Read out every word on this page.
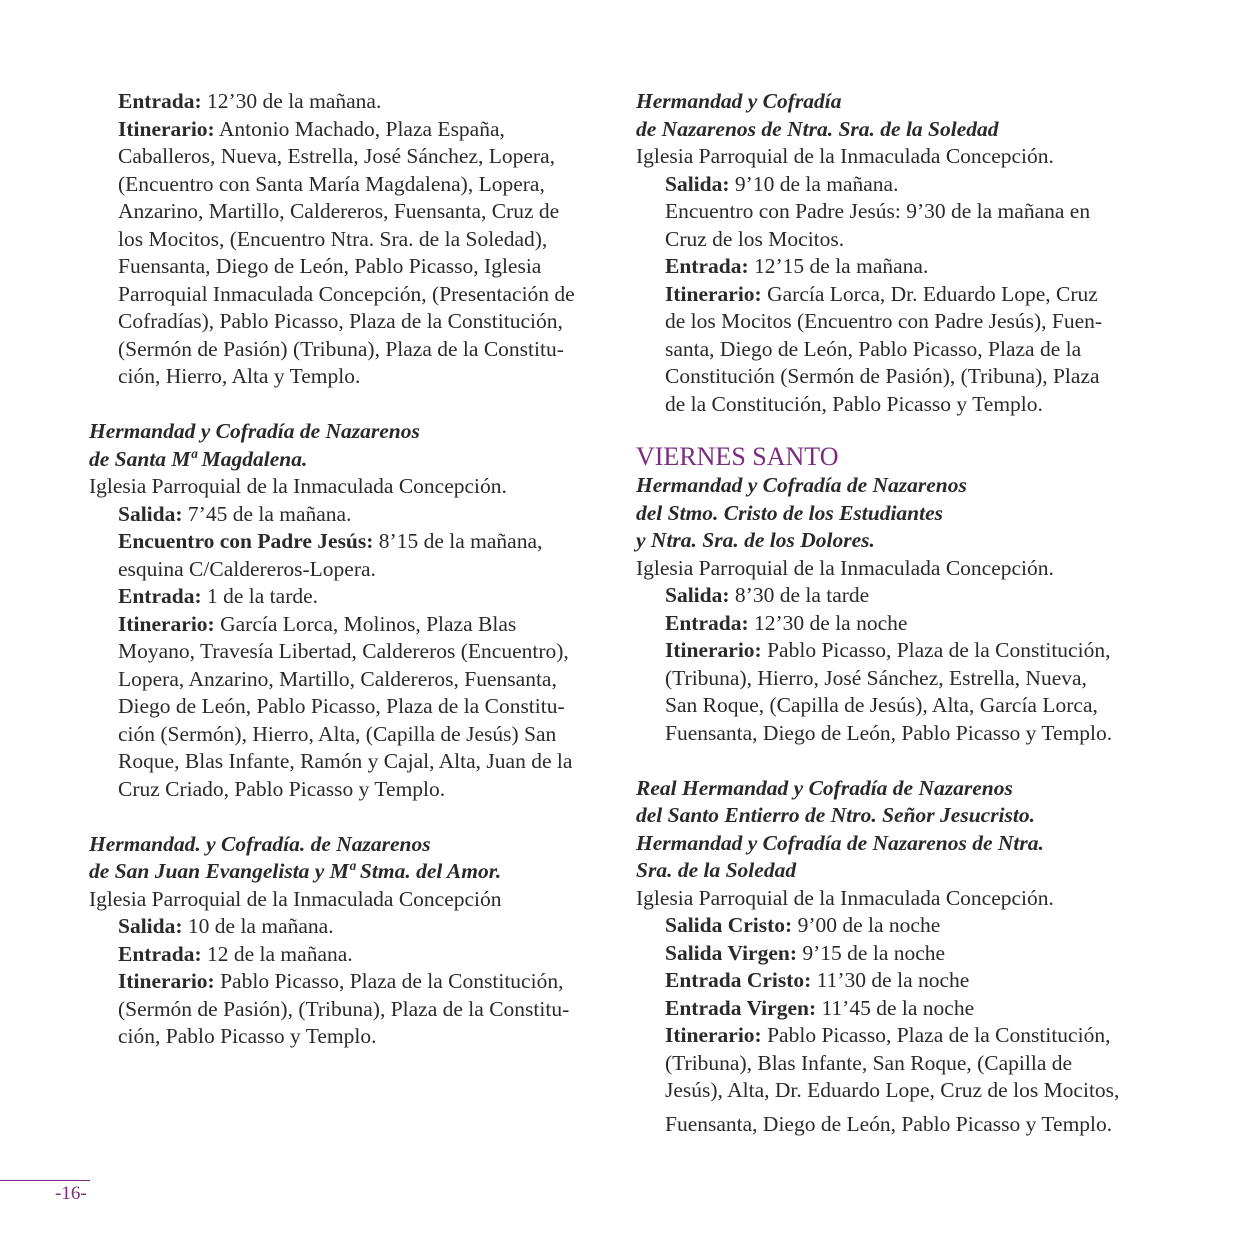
Entrada: 12’30 de la mañana.
Itinerario: Antonio Machado, Plaza España,
Caballeros, Nueva, Estrella, José Sánchez, Lopera,
(Encuentro con Santa María Magdalena), Lopera,
Anzarino, Martillo, Caldereros, Fuensanta, Cruz de
los Mocitos, (Encuentro Ntra. Sra. de la Soledad),
Fuensanta, Diego de León, Pablo Picasso, Iglesia
Parroquial Inmaculada Concepción, (Presentación de
Cofradías), Pablo Picasso, Plaza de la Constitución,
(Sermón de Pasión) (Tribuna), Plaza de la Constitu-
ción, Hierro, Alta y Templo.
Hermandad y Cofradía de Nazarenos
de Santa Mª Magdalena.
Iglesia Parroquial de la Inmaculada Concepción.
Salida: 7’45 de la mañana.
Encuentro con Padre Jesús: 8’15 de la mañana,
esquina C/Caldereros-Lopera.
Entrada: 1 de la tarde.
Itinerario: García Lorca, Molinos, Plaza Blas
Moyano, Travesía Libertad, Caldereros (Encuentro),
Lopera, Anzarino, Martillo, Caldereros, Fuensanta,
Diego de León, Pablo Picasso, Plaza de la Constitu-
ción (Sermón), Hierro, Alta, (Capilla de Jesús) San
Roque, Blas Infante, Ramón y Cajal, Alta, Juan de la
Cruz Criado, Pablo Picasso y Templo.
Hermandad. y Cofradía. de Nazarenos
de San Juan Evangelista y Mª Stma. del Amor.
Iglesia Parroquial de la Inmaculada Concepción
Salida: 10 de la mañana.
Entrada: 12 de la mañana.
Itinerario: Pablo Picasso, Plaza de la Constitución,
(Sermón de Pasión), (Tribuna), Plaza de la Constitu-
ción, Pablo Picasso y Templo.
Hermandad y Cofradía
de Nazarenos de Ntra. Sra. de la Soledad
Iglesia Parroquial de la Inmaculada Concepción.
Salida: 9’10 de la mañana.
Encuentro con Padre Jesús: 9’30 de la mañana en
Cruz de los Mocitos.
Entrada: 12’15 de la mañana.
Itinerario: García Lorca, Dr. Eduardo Lope, Cruz
de los Mocitos (Encuentro con Padre Jesús), Fuen-
santa, Diego de León, Pablo Picasso, Plaza de la
Constitución (Sermón de Pasión), (Tribuna), Plaza
de la Constitución, Pablo Picasso y Templo.
VIERNES SANTO
Hermandad y Cofradía de Nazarenos
del Stmo. Cristo de los Estudiantes
y Ntra. Sra. de los Dolores.
Iglesia Parroquial de la Inmaculada Concepción.
Salida: 8’30 de la tarde
Entrada: 12’30 de la noche
Itinerario: Pablo Picasso, Plaza de la Constitución,
(Tribuna), Hierro, José Sánchez, Estrella, Nueva,
San Roque, (Capilla de Jesús), Alta, García Lorca,
Fuensanta, Diego de León, Pablo Picasso y Templo.
Real Hermandad y Cofradía de Nazarenos
del Santo Entierro de Ntro. Señor Jesucristo.
Hermandad y Cofradía de Nazarenos de Ntra.
Sra. de la Soledad
Iglesia Parroquial de la Inmaculada Concepción.
Salida Cristo: 9’00 de la noche
Salida Virgen: 9’15 de la noche
Entrada Cristo: 11’30 de la noche
Entrada Virgen: 11’45 de la noche
Itinerario: Pablo Picasso, Plaza de la Constitución,
(Tribuna), Blas Infante, San Roque, (Capilla de
Jesús), Alta, Dr. Eduardo Lope, Cruz de los Mocitos,
Fuensanta, Diego de León, Pablo Picasso y Templo.
-16-
